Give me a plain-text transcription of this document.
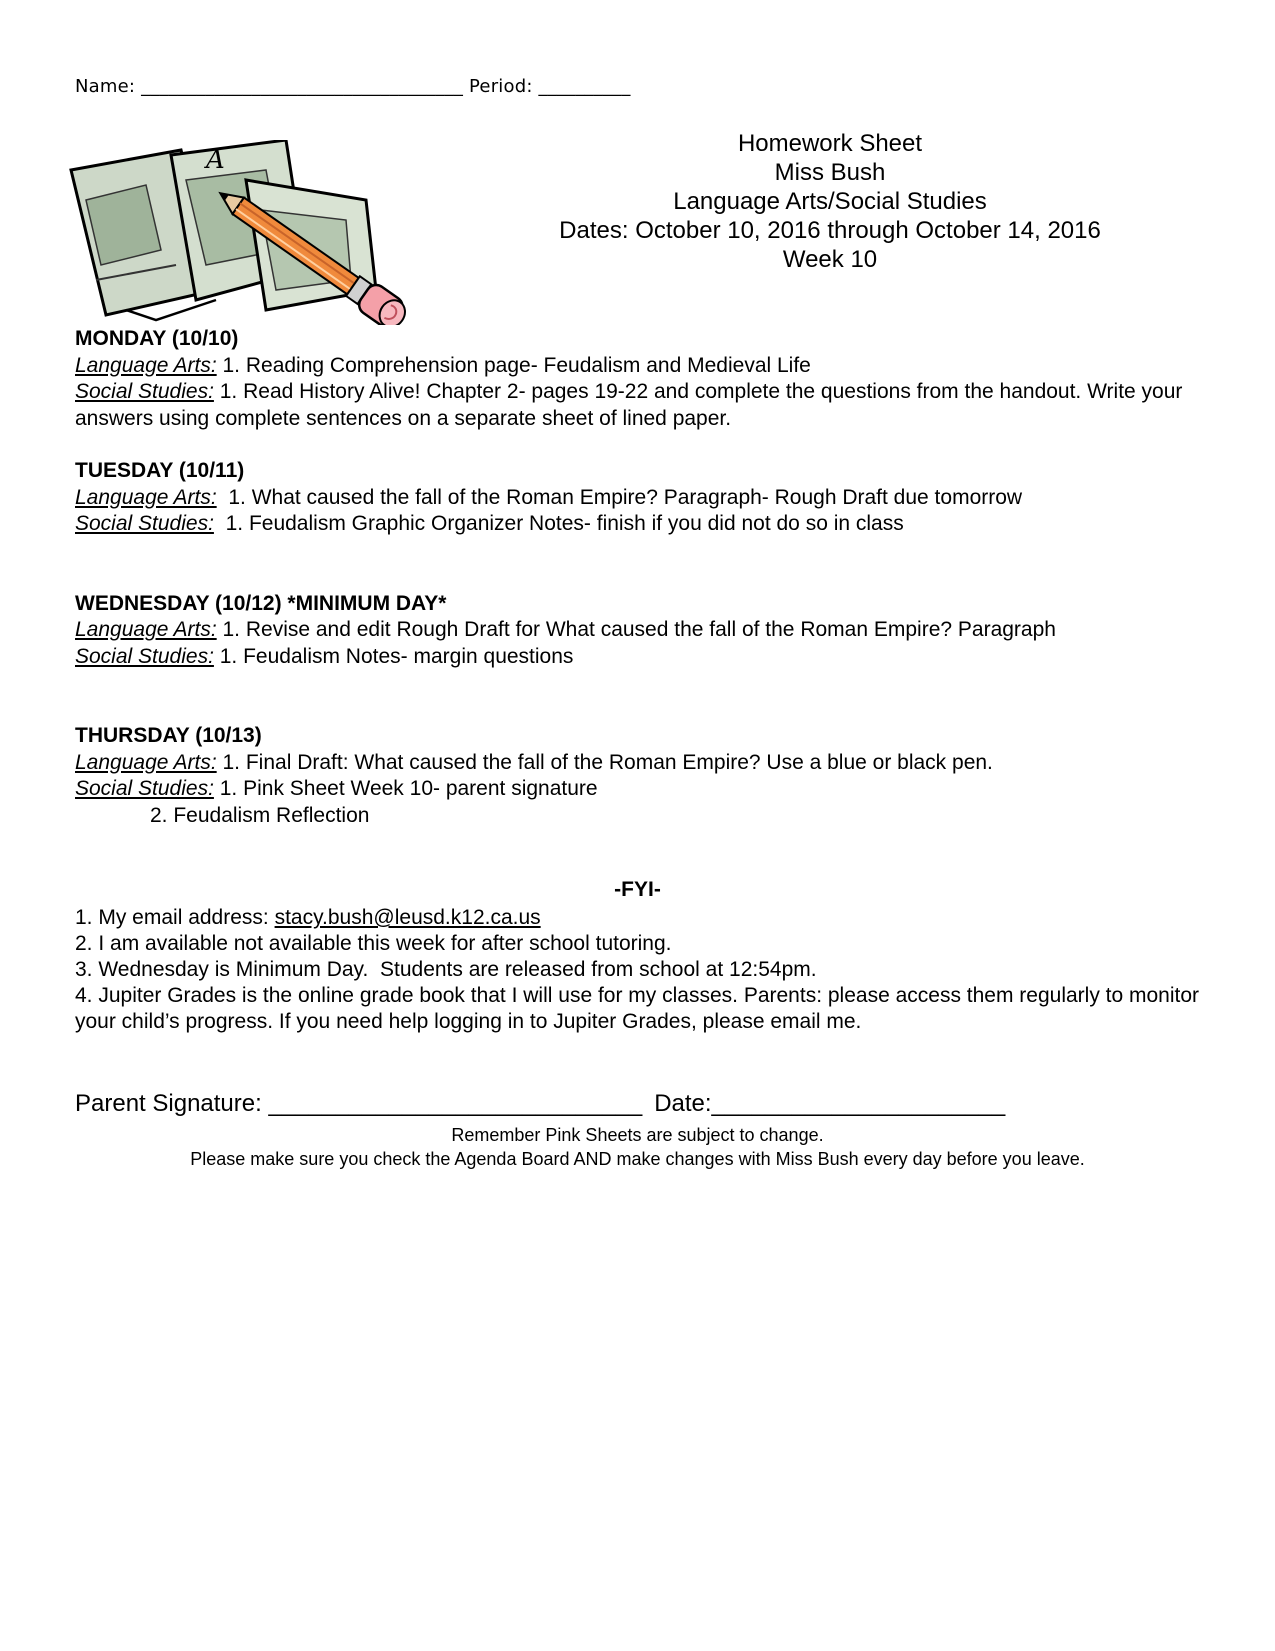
Name: ___________________________________ Period: __________
A
Homework Sheet
Miss Bush
Language Arts/Social Studies
Dates: October 10, 2016 through October 14, 2016
Week 10
MONDAY (10/10)
Language Arts: 1. Reading Comprehension page- Feudalism and Medieval Life
Social Studies: 1. Read History Alive! Chapter 2- pages 19-22 and complete the questions from the handout. Write your answers using complete sentences on a separate sheet of lined paper.
TUESDAY (10/11)
Language Arts:  1. What caused the fall of the Roman Empire? Paragraph- Rough Draft due tomorrow
Social Studies:  1. Feudalism Graphic Organizer Notes- finish if you did not do so in class
WEDNESDAY (10/12) *MINIMUM DAY*
Language Arts: 1. Revise and edit Rough Draft for What caused the fall of the Roman Empire? Paragraph
Social Studies: 1. Feudalism Notes- margin questions
THURSDAY (10/13)
Language Arts: 1. Final Draft: What caused the fall of the Roman Empire? Use a blue or black pen.
Social Studies: 1. Pink Sheet Week 10- parent signature
2. Feudalism Reflection
-FYI-
1. My email address: stacy.bush@leusd.k12.ca.us
2. I am available not available this week for after school tutoring.
3. Wednesday is Minimum Day.  Students are released from school at 12:54pm.
4. Jupiter Grades is the online grade book that I will use for my classes. Parents: please access them regularly to monitor your child’s progress. If you need help logging in to Jupiter Grades, please email me.
Parent Signature: ____________________________ Date:______________________
Remember Pink Sheets are subject to change.
Please make sure you check the Agenda Board AND make changes with Miss Bush every day before you leave.
